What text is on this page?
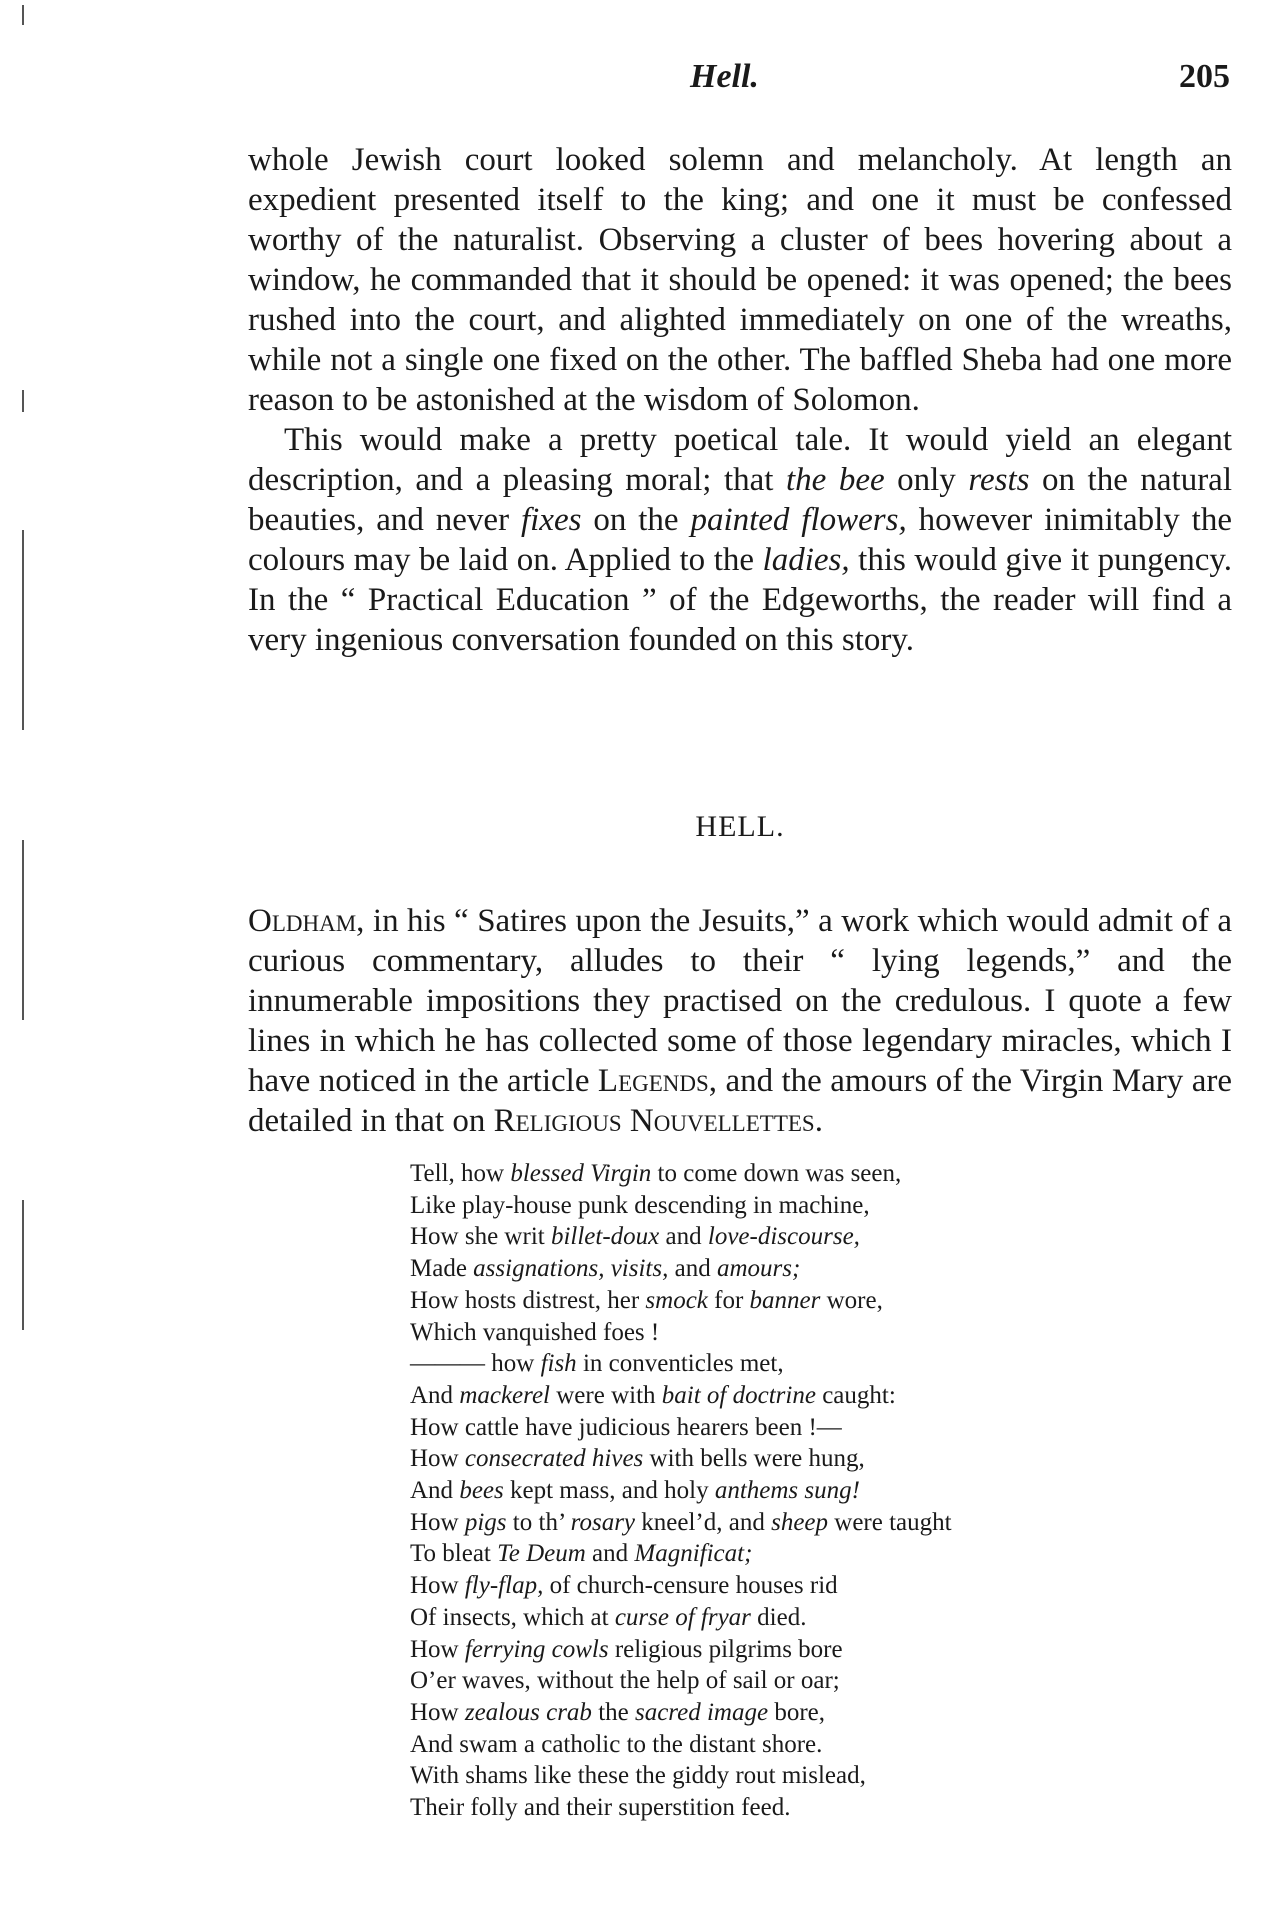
Hell.	205

whole Jewish court looked solemn and melancholy. At length an expedient presented itself to the king; and one it must be confessed worthy of the naturalist. Observing a cluster of bees hovering about a window, he commanded that it should be opened: it was opened; the bees rushed into the court, and alighted immediately on one of the wreaths, while not a single one fixed on the other. The baffled Sheba had one more reason to be astonished at the wisdom of Solomon.

This would make a pretty poetical tale. It would yield an elegant description, and a pleasing moral; that the bee only rests on the natural beauties, and never fixes on the painted flowers, however inimitably the colours may be laid on. Applied to the ladies, this would give it pungency. In the “ Practical Education ” of the Edgeworths, the reader will find a very ingenious conversation founded on this story.

HELL.

Oldham, in his “ Satires upon the Jesuits,” a work which would admit of a curious commentary, alludes to their “ lying legends,” and the innumerable impositions they practised on the credulous. I quote a few lines in which he has collected some of those legendary miracles, which I have noticed in the article Legends, and the amours of the Virgin Mary are detailed in that on Religious Nouvellettes.

Tell, how blessed Virgin to come down was seen,
Like play-house punk descending in machine,
How she writ billet-doux and love-discourse,
Made assignations, visits, and amours;
How hosts distrest, her smock for banner wore,
Which vanquished foes !
——— how fish in conventicles met,
And mackerel were with bait of doctrine caught:
How cattle have judicious hearers been !—
How consecrated hives with bells were hung,
And bees kept mass, and holy anthems sung!
How pigs to th’ rosary kneel’d, and sheep were taught
To bleat Te Deum and Magnificat;
How fly-flap, of church-censure houses rid
Of insects, which at curse of fryar died.
How ferrying cowls religious pilgrims bore
O’er waves, without the help of sail or oar;
How zealous crab the sacred image bore,
And swam a catholic to the distant shore.
With shams like these the giddy rout mislead,
Their folly and their superstition feed.
